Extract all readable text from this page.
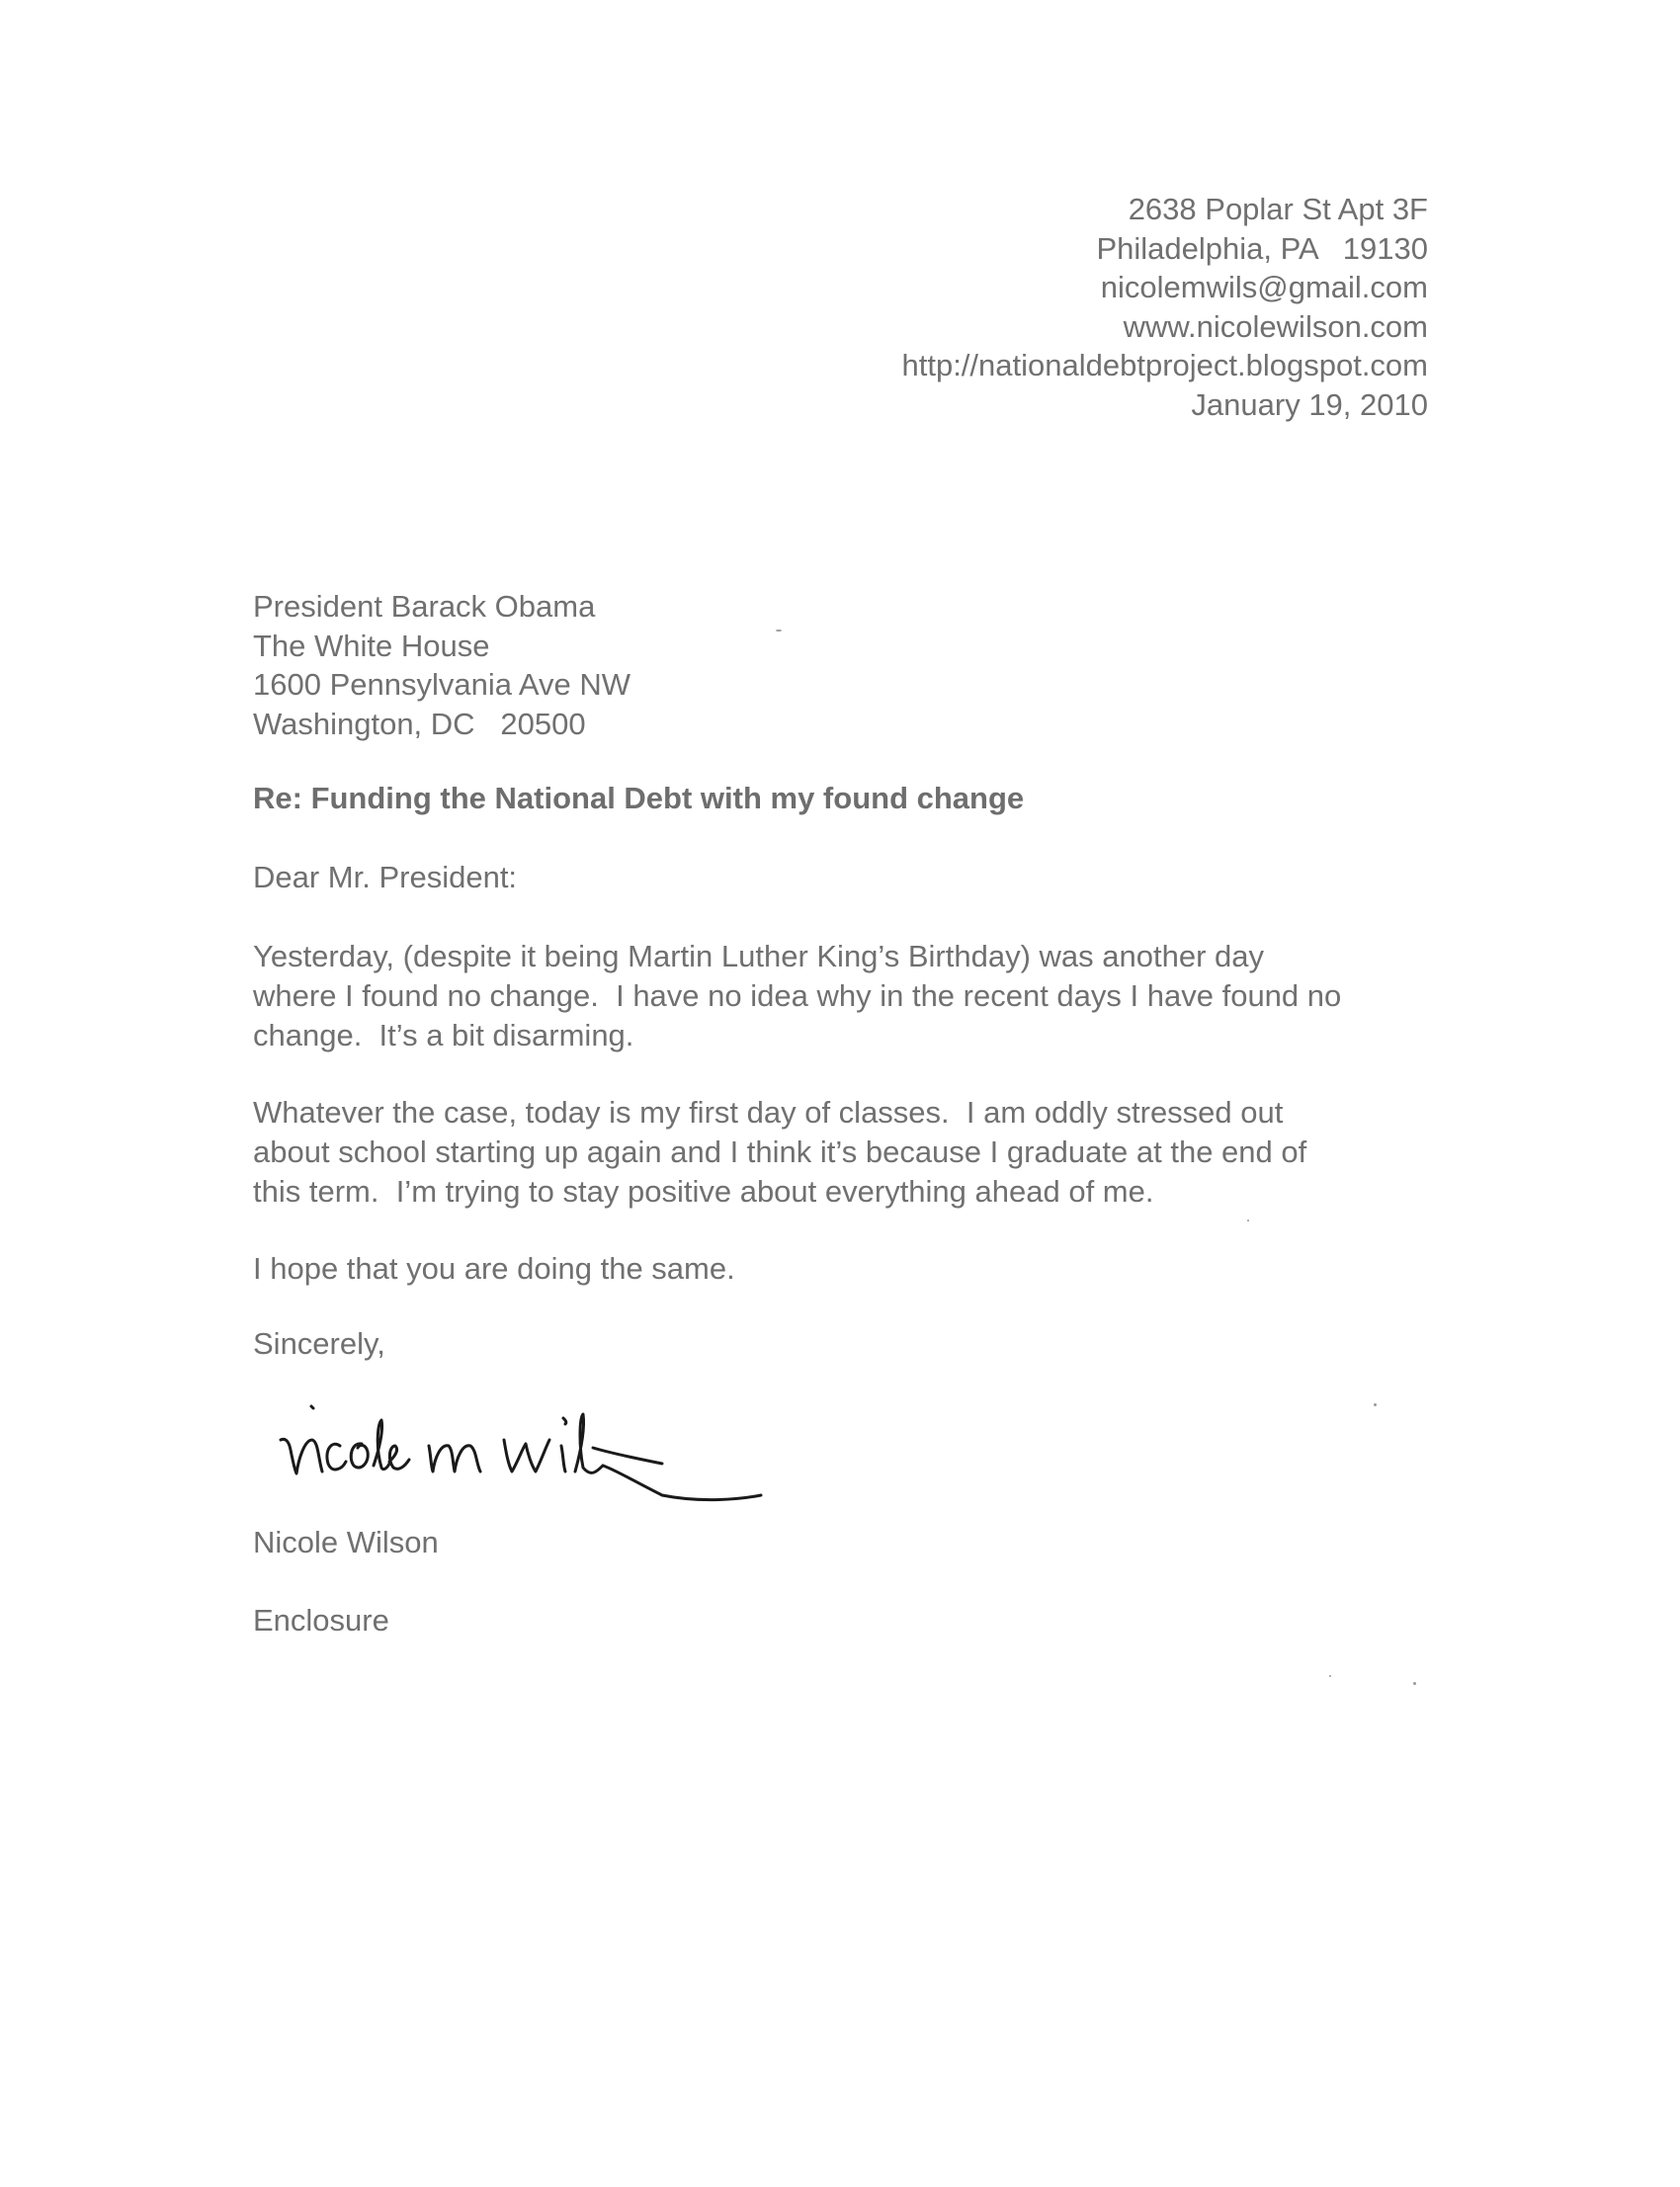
2638 Poplar St Apt 3F
Philadelphia, PA   19130
nicolemwils@gmail.com
www.nicolewilson.com
http://nationaldebtproject.blogspot.com
January 19, 2010
President Barack Obama
The White House
1600 Pennsylvania Ave NW
Washington, DC   20500
Re: Funding the National Debt with my found change
Dear Mr. President:
Yesterday, (despite it being Martin Luther King’s Birthday) was another day
where I found no change.  I have no idea why in the recent days I have found no
change.  It’s a bit disarming.
Whatever the case, today is my first day of classes.  I am oddly stressed out
about school starting up again and I think it’s because I graduate at the end of
this term.  I’m trying to stay positive about everything ahead of me.
I hope that you are doing the same.
Sincerely,
Nicole Wilson
Enclosure
